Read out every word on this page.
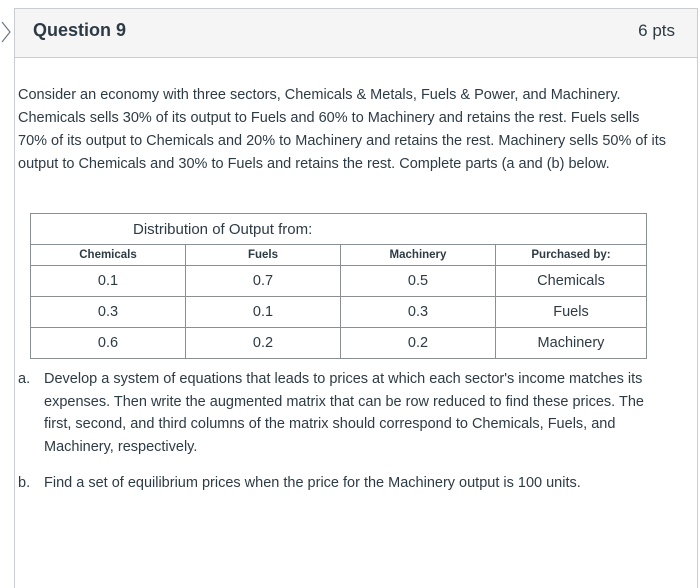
Question 9	6 pts

Consider an economy with three sectors, Chemicals & Metals, Fuels & Power, and Machinery. Chemicals sells 30% of its output to Fuels and 60% to Machinery and retains the rest. Fuels sells 70% of its output to Chemicals and 20% to Machinery and retains the rest. Machinery sells 50% of its output to Chemicals and 30% to Fuels and retains the rest. Complete parts (a and (b) below.

Distribution of Output from:			
Chemicals	Fuels	Machinery	Purchased by:
0.1	0.7	0.5	Chemicals
0.3	0.1	0.3	Fuels
0.6	0.2	0.2	Machinery
a. Develop a system of equations that leads to prices at which each sector's income matches its expenses. Then write the augmented matrix that can be row reduced to find these prices. The first, second, and third columns of the matrix should correspond to Chemicals, Fuels, and Machinery, respectively.
b. Find a set of equilibrium prices when the price for the Machinery output is 100 units.
